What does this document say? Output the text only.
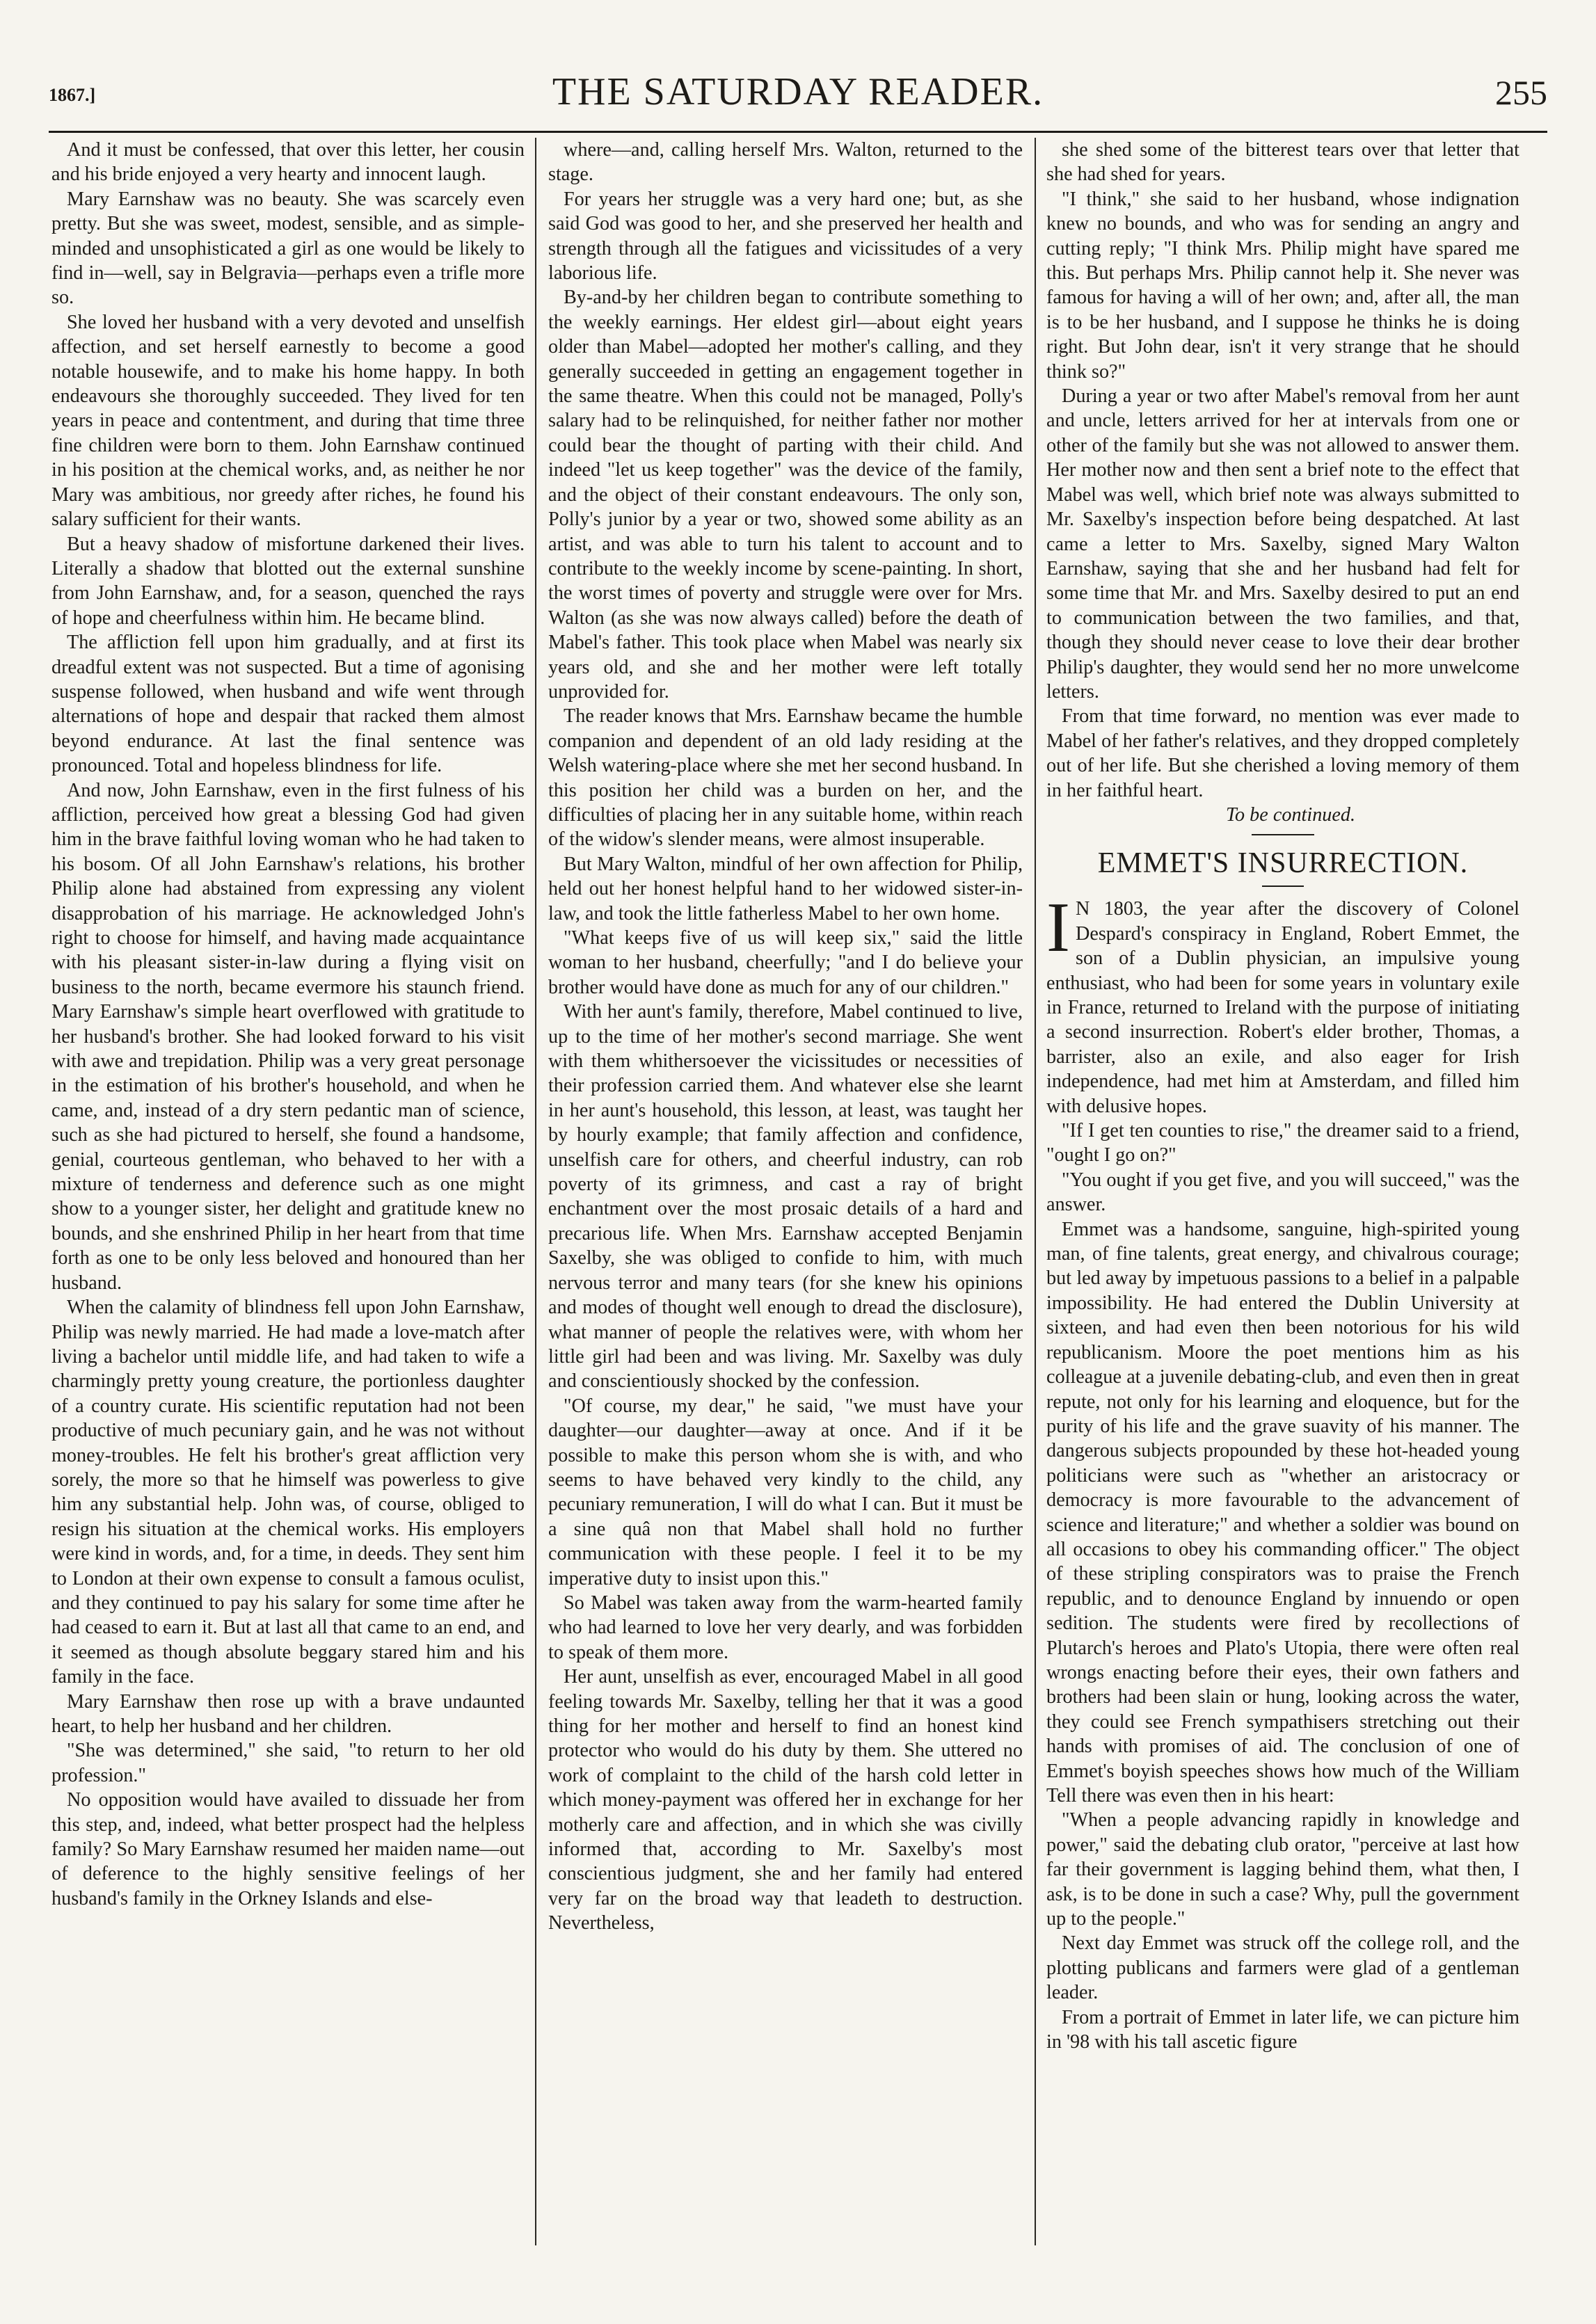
1867.]	THE SATURDAY READER.	255

And it must be confessed, that over this letter, her cousin and his bride enjoyed a very hearty and innocent laugh.

Mary Earnshaw was no beauty. She was scarcely even pretty. But she was sweet, modest, sensible, and as simple-minded and unsophisticated a girl as one would be likely to find in—well, say in Belgravia—perhaps even a trifle more so.

She loved her husband with a very devoted and unselfish affection, and set herself earnestly to become a good notable housewife, and to make his home happy. In both endeavours she thoroughly succeeded. They lived for ten years in peace and contentment, and during that time three fine children were born to them. John Earnshaw continued in his position at the chemical works, and, as neither he nor Mary was ambitious, nor greedy after riches, he found his salary sufficient for their wants.

But a heavy shadow of misfortune darkened their lives. Literally a shadow that blotted out the external sunshine from John Earnshaw, and, for a season, quenched the rays of hope and cheerfulness within him. He became blind.

The affliction fell upon him gradually, and at first its dreadful extent was not suspected. But a time of agonising suspense followed, when husband and wife went through alternations of hope and despair that racked them almost beyond endurance. At last the final sentence was pronounced. Total and hopeless blindness for life.

And now, John Earnshaw, even in the first fulness of his affliction, perceived how great a blessing God had given him in the brave faithful loving woman who he had taken to his bosom. Of all John Earnshaw's relations, his brother Philip alone had abstained from expressing any violent disapprobation of his marriage. He acknowledged John's right to choose for himself, and having made acquaintance with his pleasant sister-in-law during a flying visit on business to the north, became evermore his staunch friend. Mary Earnshaw's simple heart overflowed with gratitude to her husband's brother. She had looked forward to his visit with awe and trepidation. Philip was a very great personage in the estimation of his brother's household, and when he came, and, instead of a dry stern pedantic man of science, such as she had pictured to herself, she found a handsome, genial, courteous gentleman, who behaved to her with a mixture of tenderness and deference such as one might show to a younger sister, her delight and gratitude knew no bounds, and she enshrined Philip in her heart from that time forth as one to be only less beloved and honoured than her husband.

When the calamity of blindness fell upon John Earnshaw, Philip was newly married. He had made a love-match after living a bachelor until middle life, and had taken to wife a charmingly pretty young creature, the portionless daughter of a country curate. His scientific reputation had not been productive of much pecuniary gain, and he was not without money-troubles. He felt his brother's great affliction very sorely, the more so that he himself was powerless to give him any substantial help. John was, of course, obliged to resign his situation at the chemical works. His employers were kind in words, and, for a time, in deeds. They sent him to London at their own expense to consult a famous oculist, and they continued to pay his salary for some time after he had ceased to earn it. But at last all that came to an end, and it seemed as though absolute beggary stared him and his family in the face.

Mary Earnshaw then rose up with a brave undaunted heart, to help her husband and her children.

"She was determined," she said, "to return to her old profession."

No opposition would have availed to dissuade her from this step, and, indeed, what better prospect had the helpless family? So Mary Earnshaw resumed her maiden name—out of deference to the highly sensitive feelings of her husband's family in the Orkney Islands and else-

where—and, calling herself Mrs. Walton, returned to the stage.

For years her struggle was a very hard one; but, as she said God was good to her, and she preserved her health and strength through all the fatigues and vicissitudes of a very laborious life.

By-and-by her children began to contribute something to the weekly earnings. Her eldest girl—about eight years older than Mabel—adopted her mother's calling, and they generally succeeded in getting an engagement together in the same theatre. When this could not be managed, Polly's salary had to be relinquished, for neither father nor mother could bear the thought of parting with their child. And indeed "let us keep together" was the device of the family, and the object of their constant endeavours. The only son, Polly's junior by a year or two, showed some ability as an artist, and was able to turn his talent to account and to contribute to the weekly income by scene-painting. In short, the worst times of poverty and struggle were over for Mrs. Walton (as she was now always called) before the death of Mabel's father. This took place when Mabel was nearly six years old, and she and her mother were left totally unprovided for.

The reader knows that Mrs. Earnshaw became the humble companion and dependent of an old lady residing at the Welsh watering-place where she met her second husband. In this position her child was a burden on her, and the difficulties of placing her in any suitable home, within reach of the widow's slender means, were almost insuperable.

But Mary Walton, mindful of her own affection for Philip, held out her honest helpful hand to her widowed sister-in-law, and took the little fatherless Mabel to her own home.

"What keeps five of us will keep six," said the little woman to her husband, cheerfully; "and I do believe your brother would have done as much for any of our children."

With her aunt's family, therefore, Mabel continued to live, up to the time of her mother's second marriage. She went with them whithersoever the vicissitudes or necessities of their profession carried them. And whatever else she learnt in her aunt's household, this lesson, at least, was taught her by hourly example; that family affection and confidence, unselfish care for others, and cheerful industry, can rob poverty of its grimness, and cast a ray of bright enchantment over the most prosaic details of a hard and precarious life. When Mrs. Earnshaw accepted Benjamin Saxelby, she was obliged to confide to him, with much nervous terror and many tears (for she knew his opinions and modes of thought well enough to dread the disclosure), what manner of people the relatives were, with whom her little girl had been and was living. Mr. Saxelby was duly and conscientiously shocked by the confession.

"Of course, my dear," he said, "we must have your daughter—our daughter—away at once. And if it be possible to make this person whom she is with, and who seems to have behaved very kindly to the child, any pecuniary remuneration, I will do what I can. But it must be a sine quâ non that Mabel shall hold no further communication with these people. I feel it to be my imperative duty to insist upon this."

So Mabel was taken away from the warm-hearted family who had learned to love her very dearly, and was forbidden to speak of them more.

Her aunt, unselfish as ever, encouraged Mabel in all good feeling towards Mr. Saxelby, telling her that it was a good thing for her mother and herself to find an honest kind protector who would do his duty by them. She uttered no work of complaint to the child of the harsh cold letter in which money-payment was offered her in exchange for her motherly care and affection, and in which she was civilly informed that, according to Mr. Saxelby's most conscientious judgment, she and her family had entered very far on the broad way that leadeth to destruction. Nevertheless,

she shed some of the bitterest tears over that letter that she had shed for years.

"I think," she said to her husband, whose indignation knew no bounds, and who was for sending an angry and cutting reply; "I think Mrs. Philip might have spared me this. But perhaps Mrs. Philip cannot help it. She never was famous for having a will of her own; and, after all, the man is to be her husband, and I suppose he thinks he is doing right. But John dear, isn't it very strange that he should think so?"

During a year or two after Mabel's removal from her aunt and uncle, letters arrived for her at intervals from one or other of the family but she was not allowed to answer them. Her mother now and then sent a brief note to the effect that Mabel was well, which brief note was always submitted to Mr. Saxelby's inspection before being despatched. At last came a letter to Mrs. Saxelby, signed Mary Walton Earnshaw, saying that she and her husband had felt for some time that Mr. and Mrs. Saxelby desired to put an end to communication between the two families, and that, though they should never cease to love their dear brother Philip's daughter, they would send her no more unwelcome letters.

From that time forward, no mention was ever made to Mabel of her father's relatives, and they dropped completely out of her life. But she cherished a loving memory of them in her faithful heart.

To be continued.

EMMET'S INSURRECTION.

I N 1803, the year after the discovery of Colonel Despard's conspiracy in England, Robert Emmet, the son of a Dublin physician, an impulsive young enthusiast, who had been for some years in voluntary exile in France, returned to Ireland with the purpose of initiating a second insurrection. Robert's elder brother, Thomas, a barrister, also an exile, and also eager for Irish independence, had met him at Amsterdam, and filled him with delusive hopes.

"If I get ten counties to rise," the dreamer said to a friend, "ought I go on?"

"You ought if you get five, and you will succeed," was the answer.

Emmet was a handsome, sanguine, high-spirited young man, of fine talents, great energy, and chivalrous courage; but led away by impetuous passions to a belief in a palpable impossibility. He had entered the Dublin University at sixteen, and had even then been notorious for his wild republicanism. Moore the poet mentions him as his colleague at a juvenile debating-club, and even then in great repute, not only for his learning and eloquence, but for the purity of his life and the grave suavity of his manner. The dangerous subjects propounded by these hot-headed young politicians were such as "whether an aristocracy or democracy is more favourable to the advancement of science and literature;" and whether a soldier was bound on all occasions to obey his commanding officer." The object of these stripling conspirators was to praise the French republic, and to denounce England by innuendo or open sedition. The students were fired by recollections of Plutarch's heroes and Plato's Utopia, there were often real wrongs enacting before their eyes, their own fathers and brothers had been slain or hung, looking across the water, they could see French sympathisers stretching out their hands with promises of aid. The conclusion of one of Emmet's boyish speeches shows how much of the William Tell there was even then in his heart:

"When a people advancing rapidly in knowledge and power," said the debating club orator, "perceive at last how far their government is lagging behind them, what then, I ask, is to be done in such a case? Why, pull the government up to the people."

Next day Emmet was struck off the college roll, and the plotting publicans and farmers were glad of a gentleman leader.

From a portrait of Emmet in later life, we can picture him in '98 with his tall ascetic figure
